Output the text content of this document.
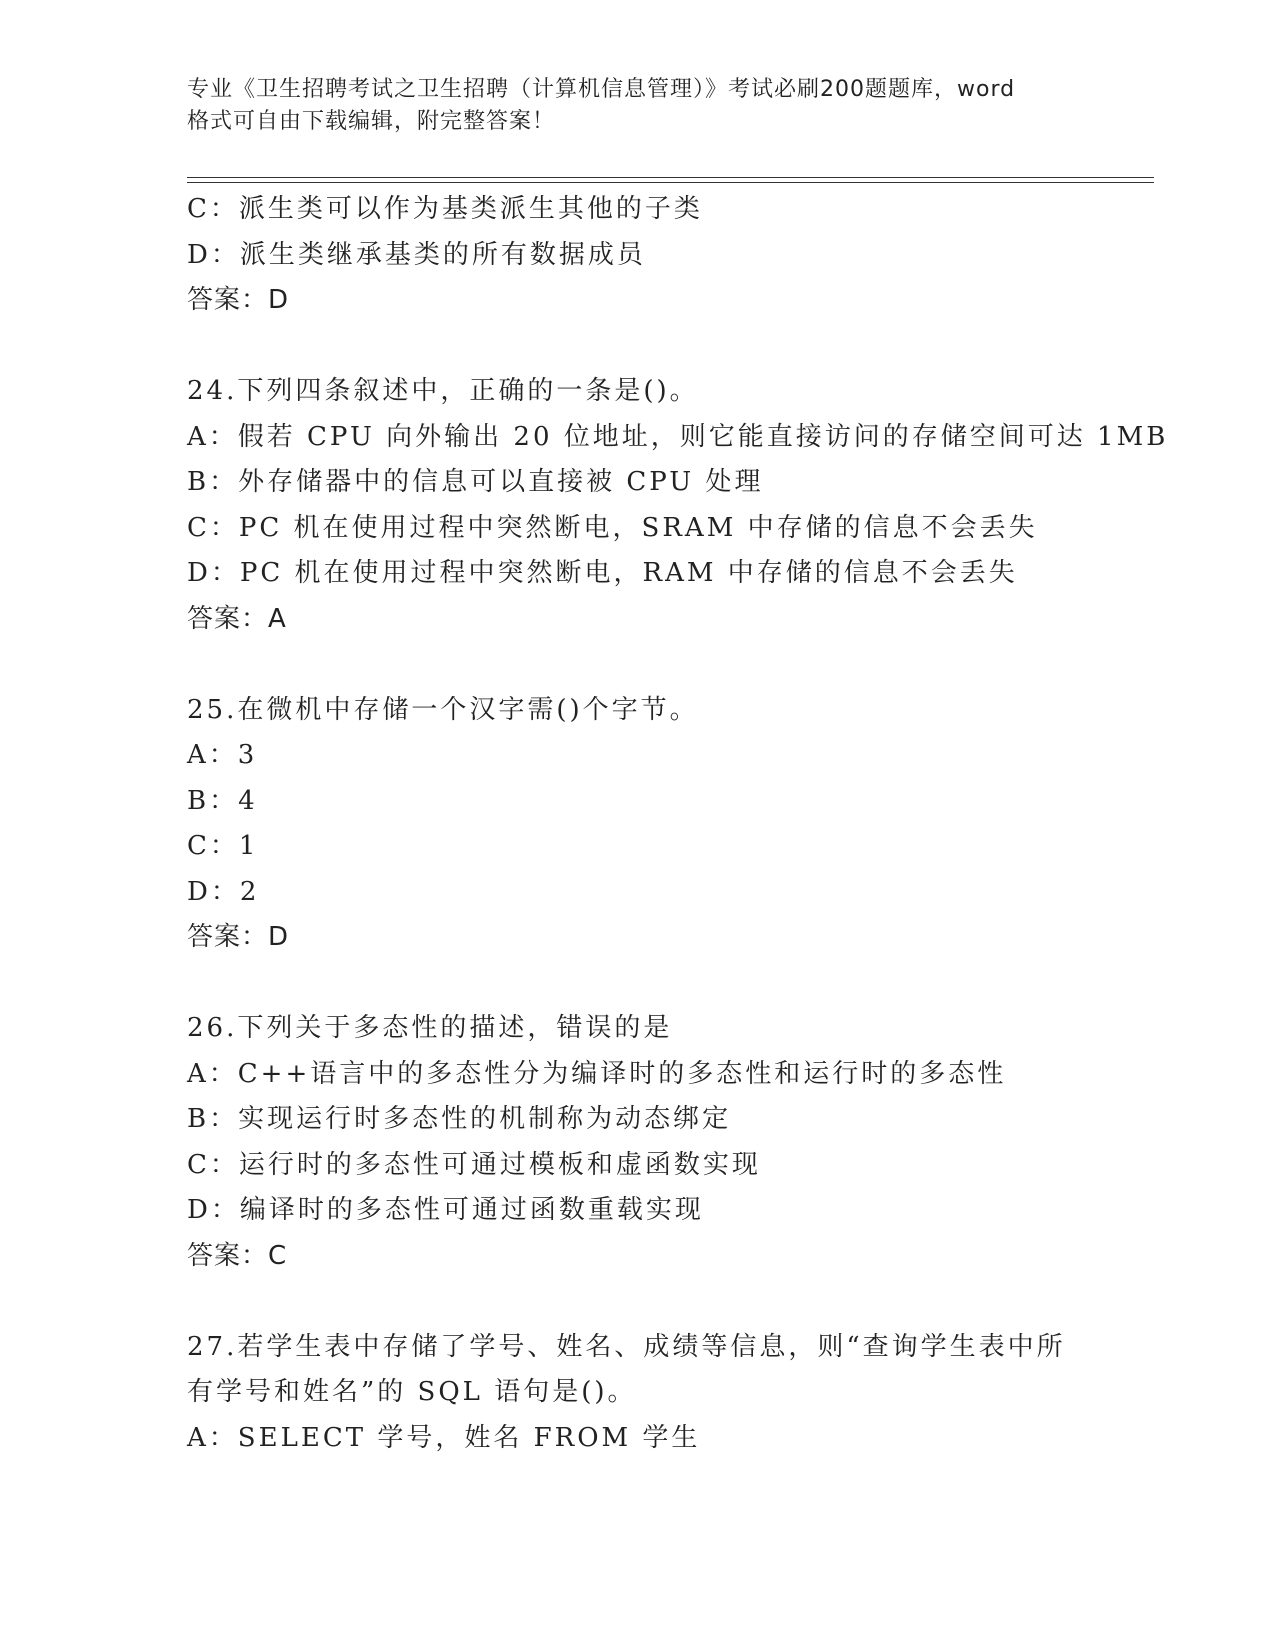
专业《卫生招聘考试之卫生招聘（计算机信息管理）》考试必刷200题题库，word
格式可自由下载编辑，附完整答案！
C：派生类可以作为基类派生其他的子类
D：派生类继承基类的所有数据成员
答案：D
24.下列四条叙述中，正确的一条是()。
A：假若 CPU 向外输出 20 位地址，则它能直接访问的存储空间可达 1MB
B：外存储器中的信息可以直接被 CPU 处理
C：PC 机在使用过程中突然断电，SRAM 中存储的信息不会丢失
D：PC 机在使用过程中突然断电，RAM 中存储的信息不会丢失
答案：A
25.在微机中存储一个汉字需()个字节。
A：3
B：4
C：1
D：2
答案：D
26.下列关于多态性的描述，错误的是
A：C++语言中的多态性分为编译时的多态性和运行时的多态性
B：实现运行时多态性的机制称为动态绑定
C：运行时的多态性可通过模板和虚函数实现
D：编译时的多态性可通过函数重载实现
答案：C
27.若学生表中存储了学号、姓名、成绩等信息，则“查询学生表中所
有学号和姓名”的 SQL 语句是()。
A：SELECT 学号，姓名 FROM 学生
